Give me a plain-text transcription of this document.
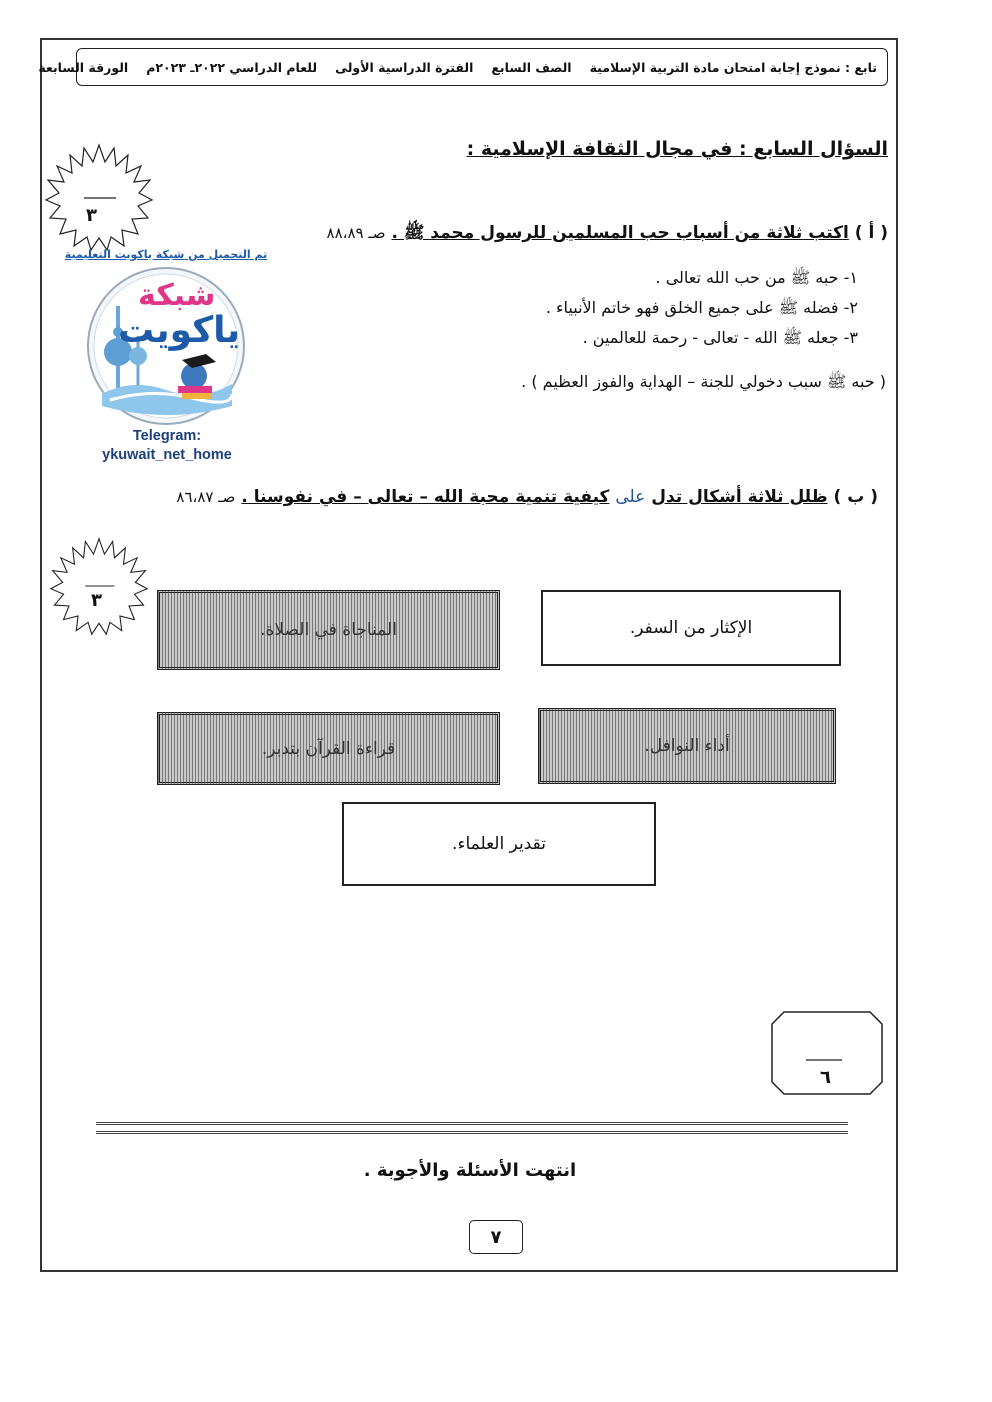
تابع : نموذج إجابة امتحان مادة التربية الإسلامية
الصف السابع
الفترة الدراسية الأولى
للعام الدراسي ٢٠٢٢ـ ٢٠٢٣م
الورقة السابعة
السؤال السابع : في مجال الثقافة الإسلامية :
٣
( أ ) اكتب ثلاثة من أسباب حب المسلمين للرسول محمد ﷺ . صـ ٨٨،٨٩
١- حبه ﷺ من حب الله تعالى .
٢- فضله ﷺ على جميع الخلق فهو خاتم الأنبياء .
٣- جعله ﷺ الله - تعالى - رحمة للعالمين .
( حبه ﷺ سبب دخولي للجنة – الهداية والفوز العظيم ) .
تم التحميل من شبكة ياكويت التعليمية
شبكة
ياكويت
Telegram:
ykuwait_net_home
( ب ) ظلل ثلاثة أشكال تدل على كيفية تنمية محبة الله – تعالى – في نفوسنا . صـ ٨٦،٨٧
٣
الإكثار من السفر.
المناجاة في الصلاة.
أداء النوافل.
قراءة القرآن بتدبر.
تقدير العلماء.
٦
انتهت الأسئلة والأجوبة .
٧
